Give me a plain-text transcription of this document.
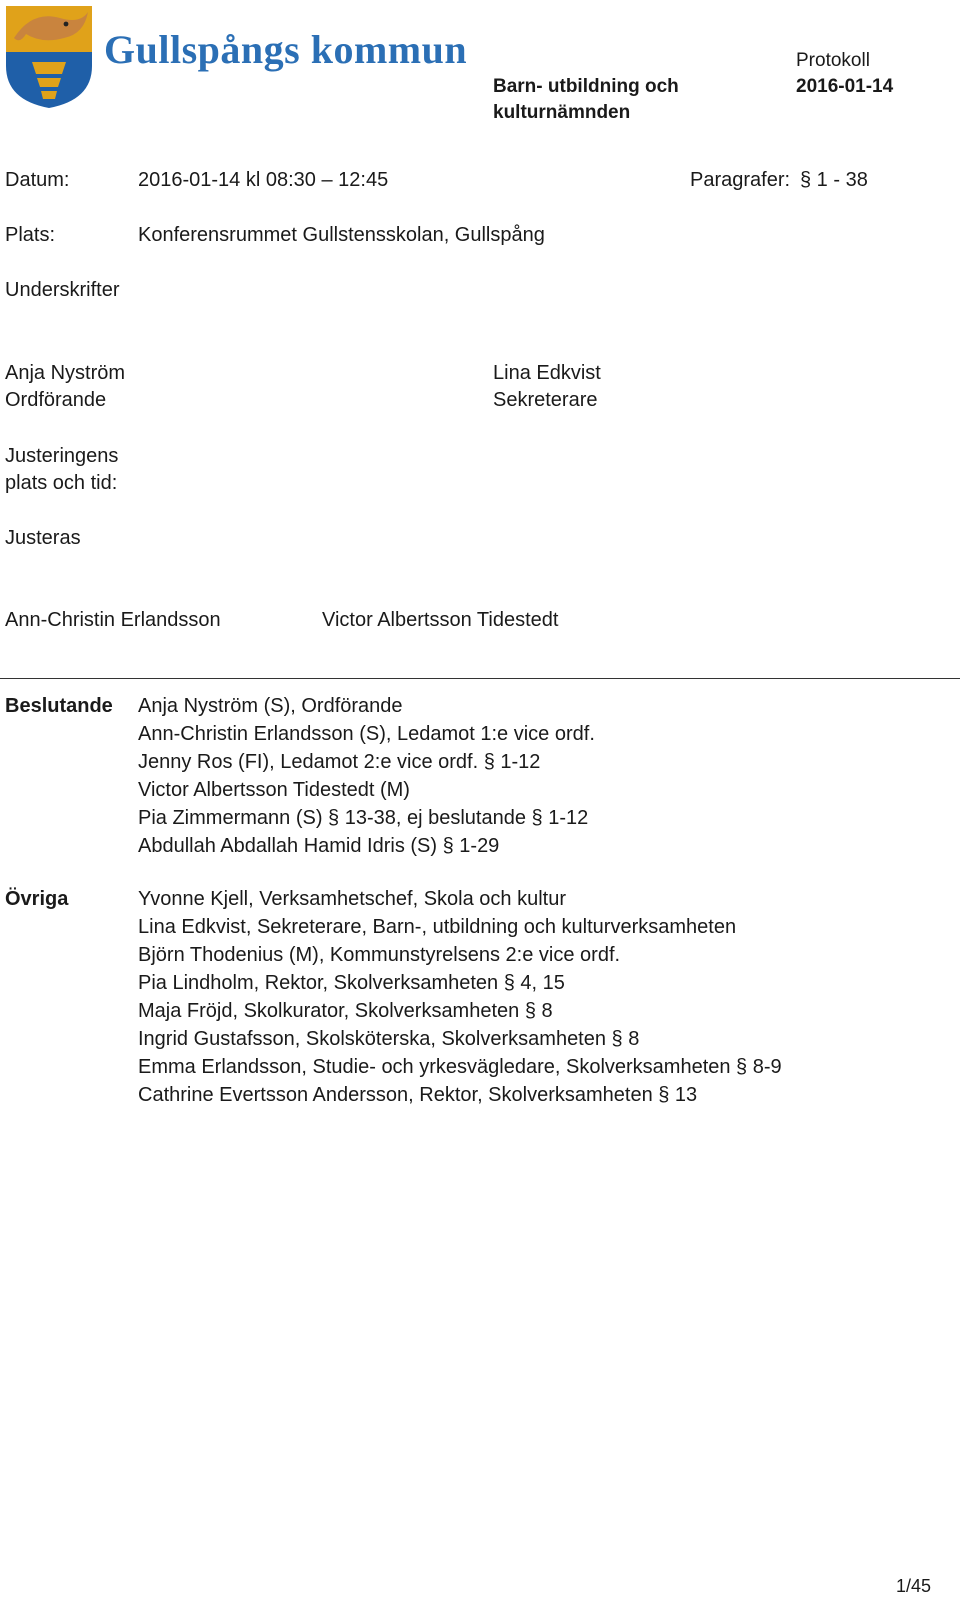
Gullspångs kommun
Barn- utbildning och
kulturnämnden
Protokoll
2016-01-14
Datum:	2016-01-14 kl 08:30 – 12:45	Paragrafer: § 1 - 38
Plats:	Konferensrummet Gullstensskolan, Gullspång
Underskrifter
Anja Nyström
Ordförande
Lina Edkvist
Sekreterare
Justeringens
plats och tid:
Justeras
Ann-Christin Erlandsson	Victor Albertsson Tidestedt
Beslutande Anja Nyström (S), Ordförande
Ann-Christin Erlandsson (S), Ledamot 1:e vice ordf.
Jenny Ros (FI), Ledamot 2:e vice ordf. § 1-12
Victor Albertsson Tidestedt (M)
Pia Zimmermann (S) § 13-38, ej beslutande § 1-12
Abdullah Abdallah Hamid Idris (S) § 1-29
Övriga	Yvonne Kjell, Verksamhetschef, Skola och kultur
Lina Edkvist, Sekreterare, Barn-, utbildning och kulturverksamheten
Björn Thodenius (M), Kommunstyrelsens 2:e vice ordf.
Pia Lindholm, Rektor, Skolverksamheten § 4, 15
Maja Fröjd, Skolkurator, Skolverksamheten § 8
Ingrid Gustafsson, Skolsköterska, Skolverksamheten § 8
Emma Erlandsson, Studie- och yrkesvägledare, Skolverksamheten § 8-9
Cathrine Evertsson Andersson, Rektor, Skolverksamheten § 13
1/45
